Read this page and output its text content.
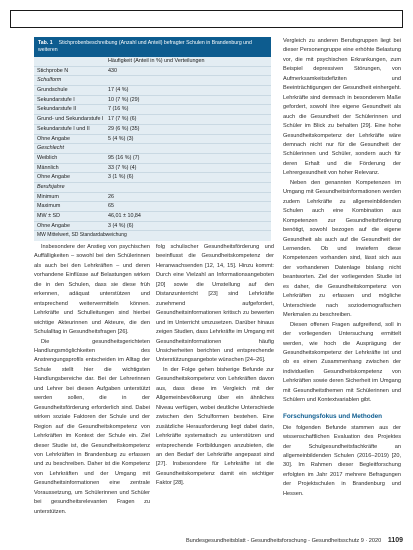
Tab. 1 Stichprobenbeschreibung (Anzahl und Anteil) befragter Schulen in Brandenburg und weiteren
Häufigkeit (Anteil in %) und Verteilungen
Stichprobe N	430
Schulform
Grundschule	17 (4 %)
Sekundarstufe I	10 (7 %) (29)
Sekundarstufe II	7 (16 %)
Grund- und Sekundarstufe I 17 (7 %) (6)
Sekundarstufe I und II	29 (6 %) (35)
Ohne Angabe	5 (4 %) (3)
Geschlecht
Weiblich	95 (16 %) (7)
Männlich	33 (7 %) (4)
Ohne Angabe	3 (1 %) (6)
Berufsjahre
Minimum	26
Maximum	65
MW ± SD	46,01 ± 10,84
Ohne Angabe	3 (4 %) (6)
MW Mittelwert, SD Standardabweichung

Insbesondere der Anstieg von psychischen Auffälligkeiten – sowohl bei den Schülerinnen als auch bei den Lehrkräften – und deren vorhandene Einflüsse auf Belastungen wirken die in den Schulen, dass sie diese früh erkennen, adäquat unterstützen und entsprechend weitervermitteln können. Lehrkräfte und Schulleitungen sind hierbei wichtige Akteurinnen und Akteure, die den Schulalltag in Gesundheitsfragen [26].

Die gesundheitsgerichteten Handlungsmöglichkeiten des Anstrengungsprofils entscheiden im Alltag der Schule stellt hier die wichtigsten Handlungsbereiche dar. Bei der Lehrerinnen und Lehrer bei diesen Aufgaben unterstützt werden sollen, die in der Gesundheitsförderung erforderlich sind. Dabei wirken soziale Faktoren der Schule und der Region auf die Gesundheitskompetenz von Lehrkräften im Kontext der Schule ein. Ziel dieser Studie ist, die Gesundheitskompetenz von Lehrkräften in Brandenburg zu erfassen und zu beschreiben. Daher ist die Kompetenz von Lehrkräften und der Umgang mit Gesundheitsinformationen eine zentrale Voraussetzung, um Schülerinnen und Schüler bei gesundheitsrelevanten Fragen zu unterstützen.

folg schulischer Gesundheitsförderung und beeinflusst die Gesundheitskompetenz der Heranwachsenden [12, 14, 15]. Hinzu kommt: Durch eine Vielzahl an Informationsangeboten [20] sowie die Umstellung auf den Distanzunterricht [23] sind Lehrkräfte zunehmend aufgefordert, Gesundheitsinformationen kritisch zu bewerten und im Unterricht umzusetzen. Darüber hinaus zeigen Studien, dass Lehrkräfte im Umgang mit Gesundheitsinformationen häufig Unsicherheiten berichten und entsprechende Unterstützungsangebote wünschen [24–26].

In der Folge gehen bisherige Befunde zur Gesundheitskompetenz von Lehrkräften davon aus, dass diese im Vergleich mit der Allgemeinbevölkerung über ein ähnliches Niveau verfügen, wobei deutliche Unterschiede zwischen den Schulformen bestehen. Eine zusätzliche Herausforderung liegt dabei darin, Lehrkräfte systematisch zu unterstützen und entsprechende Fortbildungen anzubieten, die an den Bedarf der Lehrkräfte angepasst sind [27]. Insbesondere für Lehrkräfte ist die Gesundheitskompetenz damit ein wichtiger Faktor [28].

Vergleich zu anderen Berufsgruppen liegt bei dieser Personengruppe eine erhöhte Belastung vor, die mit psychischen Erkrankungen, zum Beispiel depressiven Störungen, von Aufmerksamkeitsdefiziten und Beeinträchtigungen der Gesundheit einhergeht. Lehrkräfte sind demnach in besonderem Maße gefordert, sowohl ihre eigene Gesundheit als auch die Gesundheit der Schülerinnen und Schüler im Blick zu behalten [29]. Eine hohe Gesundheitskompetenz der Lehrkräfte wäre demnach nicht nur für die Gesundheit der Schülerinnen und Schüler, sondern auch für deren Erhalt und die Förderung der Lehrergesundheit von hoher Relevanz.

Neben den genannten Kompetenzen im Umgang mit Gesundheitsinformationen werden zudem Lehrkräfte zu allgemeinbildenden Schulen auch eine Kombination aus Kompetenzen zur Gesundheitsförderung benötigt, sowohl bezogen auf die eigene Gesundheit als auch auf die Gesundheit der Lernenden. Ob und inwiefern diese Kompetenzen vorhanden sind, lässt sich aus der vorhandenen Datenlage bislang nicht beantworten. Ziel der vorliegenden Studie ist es daher, die Gesundheitskompetenz von Lehrkräften zu erfassen und mögliche Unterschiede nach soziodemografischen Merkmalen zu beschreiben.

Diesen offenen Fragen aufgreifend, soll in der vorliegenden Untersuchung ermittelt werden, wie hoch die Ausprägung der Gesundheitskompetenz der Lehrkräfte ist und ob es einen Zusammenhang zwischen der individuellen Gesundheitskompetenz von Lehrkräften sowie deren Sicherheit im Umgang mit Gesundheitsthemen mit Schülerinnen und Schülern und Kontextvariablen gibt.

Forschungsfokus und Methoden

Die folgenden Befunde stammen aus der wissenschaftlichen Evaluation des Projektes der Schulgesundheitsfachkräfte an allgemeinbildenden Schulen (2016–2019) [20, 30]. Im Rahmen dieser Begleitforschung erfolgten im Jahr 2017 mehrere Befragungen der Projektschulen in Brandenburg und Hessen.

Bundesgesundheitsblatt - Gesundheitsforschung - Gesundheitsschutz 9 · 2020 1109
